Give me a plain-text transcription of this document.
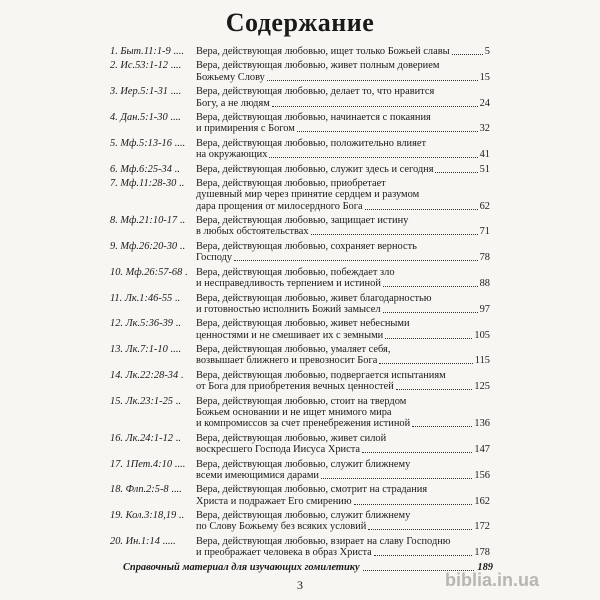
Содержание
1. Быт.11:1-9 ....	Вера, действующая любовью, ищет только Божьей славы	5
2. Ис.53:1-12 ....	Вера, действующая любовью, живет полным доверием
Божьему Слову	15
3. Иер.5:1-31 ....	Вера, действующая любовью, делает то, что нравится
Богу, а не людям	24
4. Дан.5:1-30 ....	Вера, действующая любовью, начинается с покаяния
и примирения с Богом	32
5. Мф.5:13-16 ....	Вера, действующая любовью, положительно влияет
на окружающих	41
6. Мф.6:25-34 ..	Вера, действующая любовью, служит здесь и сегодня	51
7. Мф.11:28-30 ..	Вера, действующая любовью, приобретает
душевный мир через принятие сердцем и разумом
дара прощения от милосердного Бога	62
8. Мф.21:10-17 ..	Вера, действующая любовью, защищает истину
в любых обстоятельствах	71
9. Мф.26:20-30 ..	Вера, действующая любовью, сохраняет верность
Господу	78
10. Мф.26:57-68 . Вера, действующая любовью, побеждает зло
и несправедливость терпением и истиной	88
11. Лк.1:46-55 ..	Вера, действующая любовью, живет благодарностью
и готовностью исполнить Божий замысел	97
12. Лк.5:36-39 ..	Вера, действующая любовью, живет небесными
ценностями и не смешивает их с земными	105
13. Лк.7:1-10 ....	Вера, действующая любовью, умаляет себя,
возвышает ближнего и превозносит Бога	115
14. Лк.22:28-34 .	Вера, действующая любовью, подвергается испытаниям
от Бога для приобретения вечных ценностей	125
15. Лк.23:1-25 ..	Вера, действующая любовью, стоит на твердом
Божьем основании и не ищет мнимого мира
и компромиссов за счет пренебрежения истиной	136
16. Лк.24:1-12 ..	Вера, действующая любовью, живет силой
воскресшего Господа Иисуса Христа	147
17. 1Пет.4:10 ....	Вера, действующая любовью, служит ближнему
всеми имеющимися дарами	156
18. Флп.2:5-8 ....	Вера, действующая любовью, смотрит на страдания
Христа и подражает Его смирению	162
19. Кол.3:18,19 ..	Вера, действующая любовью, служит ближнему
по Слову Божьему без всяких условий	172
20. Ин.1:14 .....	Вера, действующая любовью, взирает на славу Господню
и преображает человека в образ Христа	178
Справочный материал для изучающих гомилетику	189
3	biblia.in.ua
